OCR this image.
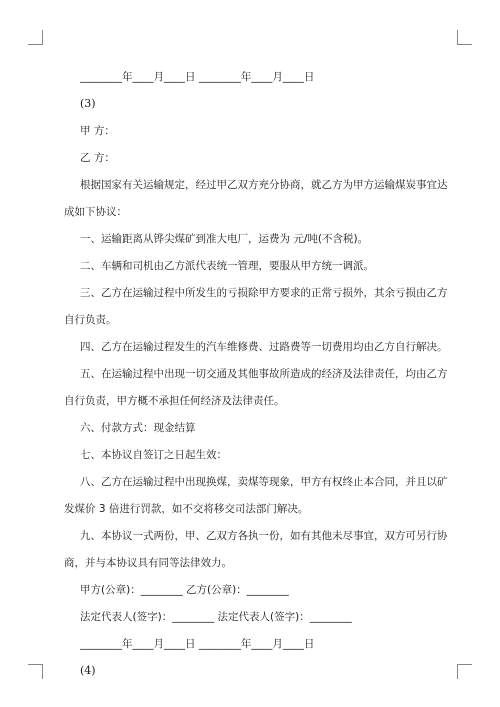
________年____月____日 ________年____月____日
(3)
甲 方：
乙 方：
根据国家有关运输规定，经过甲乙双方充分协商，就乙方为甲方运输煤炭事宜达
成如下协议：
一、运输距离从铧尖煤矿到准大电厂，运费为 元/吨(不含税)。
二、车辆和司机由乙方派代表统一管理，要服从甲方统一调派。
三、乙方在运输过程中所发生的亏损除甲方要求的正常亏损外，其余亏损由乙方
自行负责。
四、乙方在运输过程发生的汽车维修费、过路费等一切费用均由乙方自行解决。
五、在运输过程中出现一切交通及其他事故所造成的经济及法律责任，均由乙方
自行负责，甲方概不承担任何经济及法律责任。
六、付款方式：现金结算
七、本协议自签订之日起生效：
八、乙方在运输过程中出现换煤，卖煤等现象，甲方有权终止本合同，并且以矿
发煤价 3 倍进行罚款，如不交将移交司法部门解决。
九、本协议一式两份，甲、乙双方各执一份，如有其他未尽事宜，双方可另行协
商，并与本协议具有同等法律效力。
甲方(公章)：________ 乙方(公章)：________
法定代表人(签字)：________ 法定代表人(签字)：________
________年____月____日 ________年____月____日
(4)
